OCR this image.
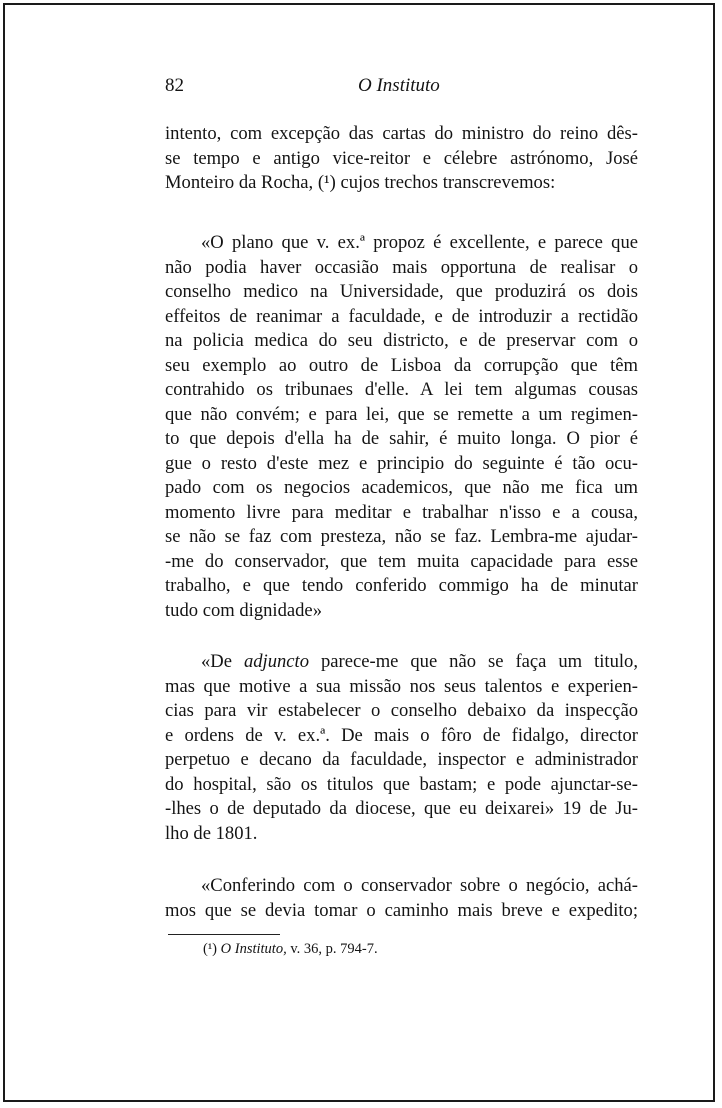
82	O Instituto
intento, com excepção das cartas do ministro do reino dês-
se tempo e antigo vice-reitor e célebre astrónomo, José
Monteiro da Rocha, (¹) cujos trechos transcrevemos:
«O plano que v. ex.ª propoz é excellente, e parece que
não podia haver occasião mais opportuna de realisar o
conselho medico na Universidade, que produzirá os dois
effeitos de reanimar a faculdade, e de introduzir a rectidão
na policia medica do seu districto, e de preservar com o
seu exemplo ao outro de Lisboa da corrupção que têm
contrahido os tribunaes d'elle. A lei tem algumas cousas
que não convém; e para lei, que se remette a um regimen-
to que depois d'ella ha de sahir, é muito longa. O pior é
gue o resto d'este mez e principio do seguinte é tão ocu-
pado com os negocios academicos, que não me fica um
momento livre para meditar e trabalhar n'isso e a cousa,
se não se faz com presteza, não se faz. Lembra-me ajudar-
-me do conservador, que tem muita capacidade para esse
trabalho, e que tendo conferido commigo ha de minutar
tudo com dignidade»
«De adjuncto parece-me que não se faça um titulo,
mas que motive a sua missão nos seus talentos e experien-
cias para vir estabelecer o conselho debaixo da inspecção
e ordens de v. ex.ª. De mais o fôro de fidalgo, director
perpetuo e decano da faculdade, inspector e administrador
do hospital, são os titulos que bastam; e pode ajunctar-se-
-lhes o de deputado da diocese, que eu deixarei» 19 de Ju-
lho de 1801.
«Conferindo com o conservador sobre o negócio, achá-
mos que se devia tomar o caminho mais breve e expedito;
(¹) O Instituto, v. 36, p. 794-7.
